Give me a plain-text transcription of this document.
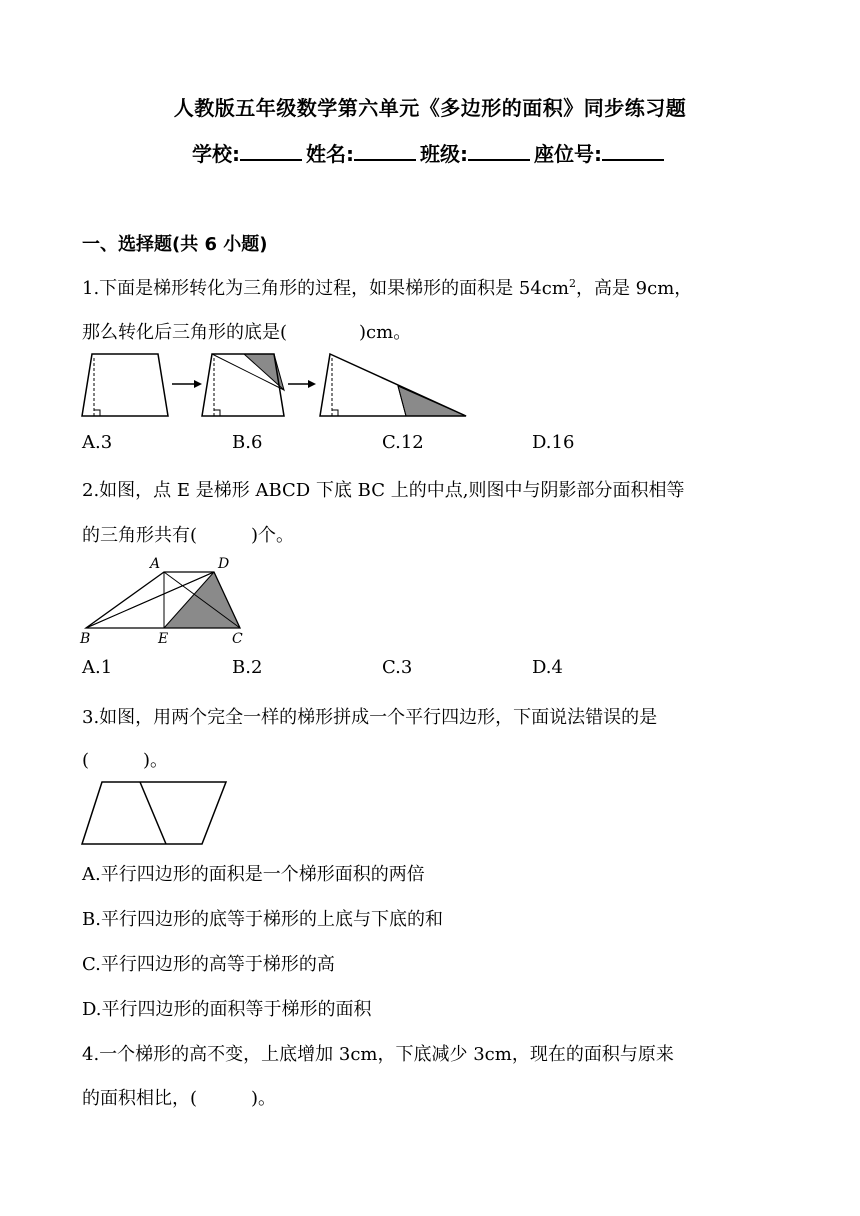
人教版五年级数学第六单元《多边形的面积》同步练习题
学校:	姓名:	班级:	座位号:
一、选择题(共 6 小题)
1.下面是梯形转化为三角形的过程，如果梯形的面积是 $54cm^2$，高是 9cm，
那么转化后三角形的底是(　　　　)cm。
A.3	B.6	C.12	D.16
2.如图，点 E 是梯形 ABCD 下底 BC 上的中点,则图中与阴影部分面积相等
的三角形共有(　　　)个。
A	D
B	E	C
A.1	B.2	C.3	D.4
3.如图，用两个完全一样的梯形拼成一个平行四边形，下面说法错误的是
(　　　)。
A.平行四边形的面积是一个梯形面积的两倍
B.平行四边形的底等于梯形的上底与下底的和
C.平行四边形的高等于梯形的高
D.平行四边形的面积等于梯形的面积
4.一个梯形的高不变，上底增加 3cm，下底减少 3cm，现在的面积与原来
的面积相比，(　　　)。
